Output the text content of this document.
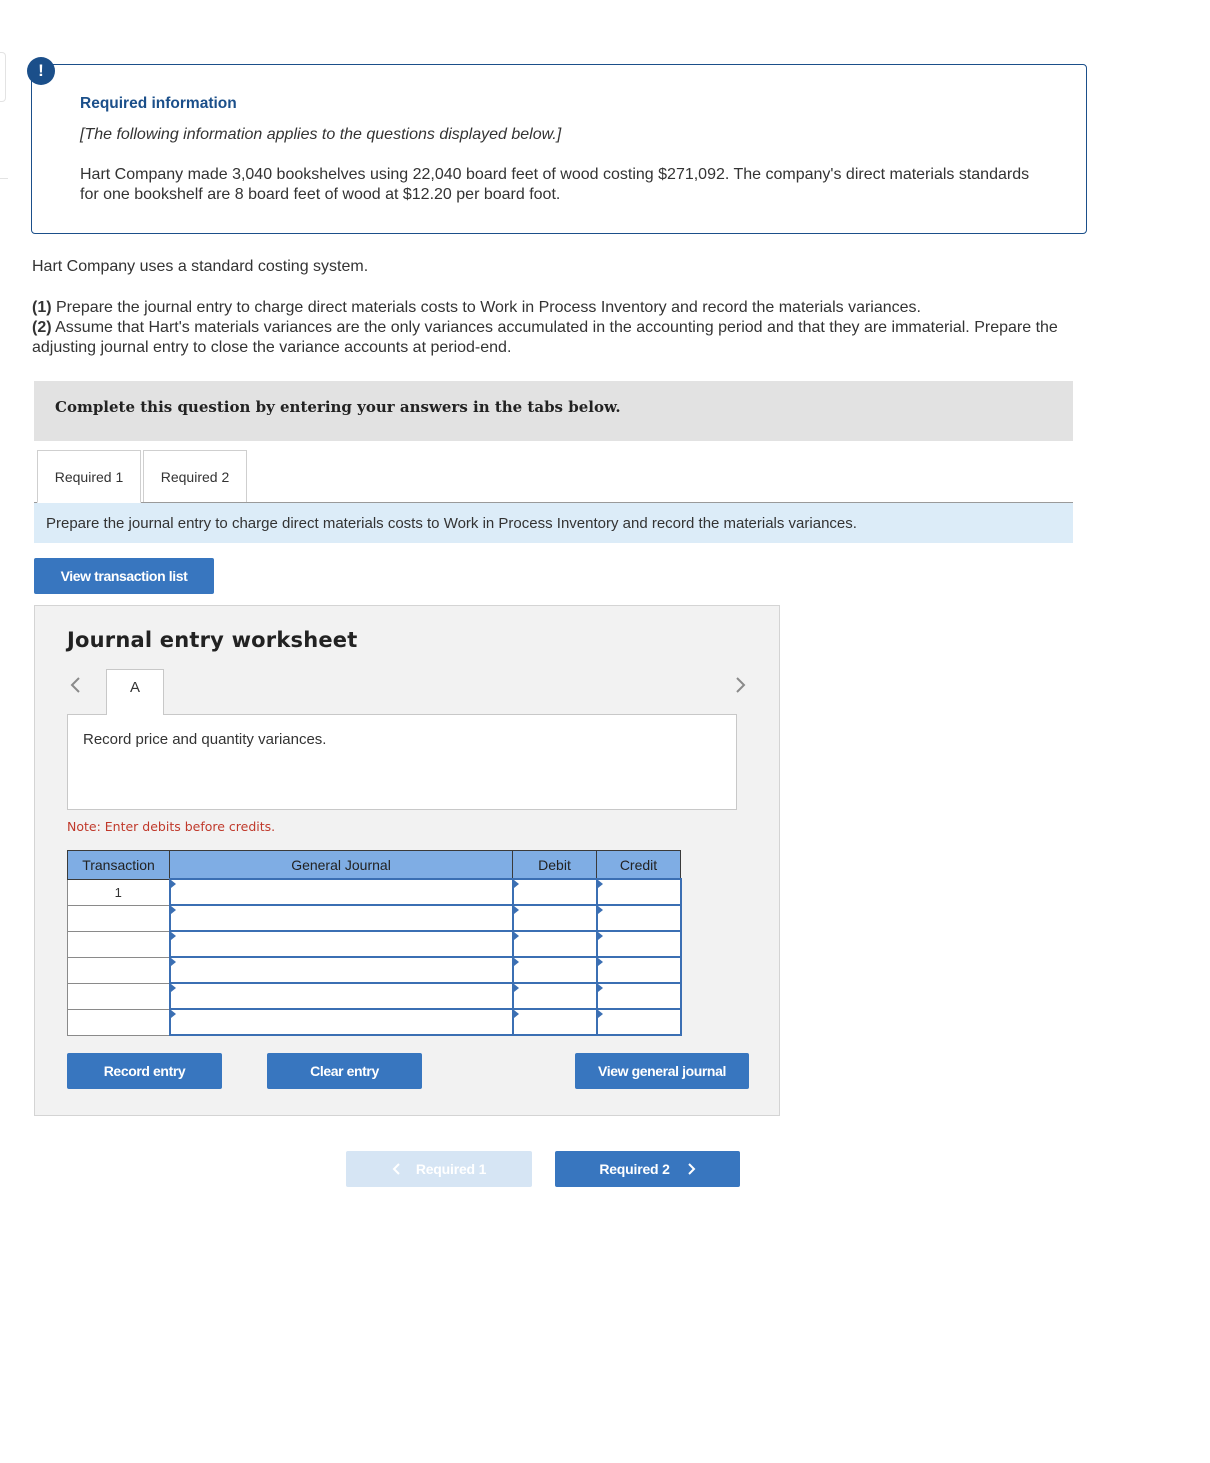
!
Required information
[The following information applies to the questions displayed below.]
Hart Company made 3,040 bookshelves using 22,040 board feet of wood costing $271,092. The company's direct materials standards for one bookshelf are 8 board feet of wood at $12.20 per board foot.
Hart Company uses a standard costing system.
(1) Prepare the journal entry to charge direct materials costs to Work in Process Inventory and record the materials variances.
(2) Assume that Hart's materials variances are the only variances accumulated in the accounting period and that they are immaterial. Prepare the adjusting journal entry to close the variance accounts at period-end.
Complete this question by entering your answers in the tabs below.
Required 1	Required 2
Prepare the journal entry to charge direct materials costs to Work in Process Inventory and record the materials variances.
View transaction list
Journal entry worksheet
A
Record price and quantity variances.
Note: Enter debits before credits.
Transaction	General Journal	Debit	Credit
1	

Record entry	Clear entry	View general journal
Required 1	Required 2
